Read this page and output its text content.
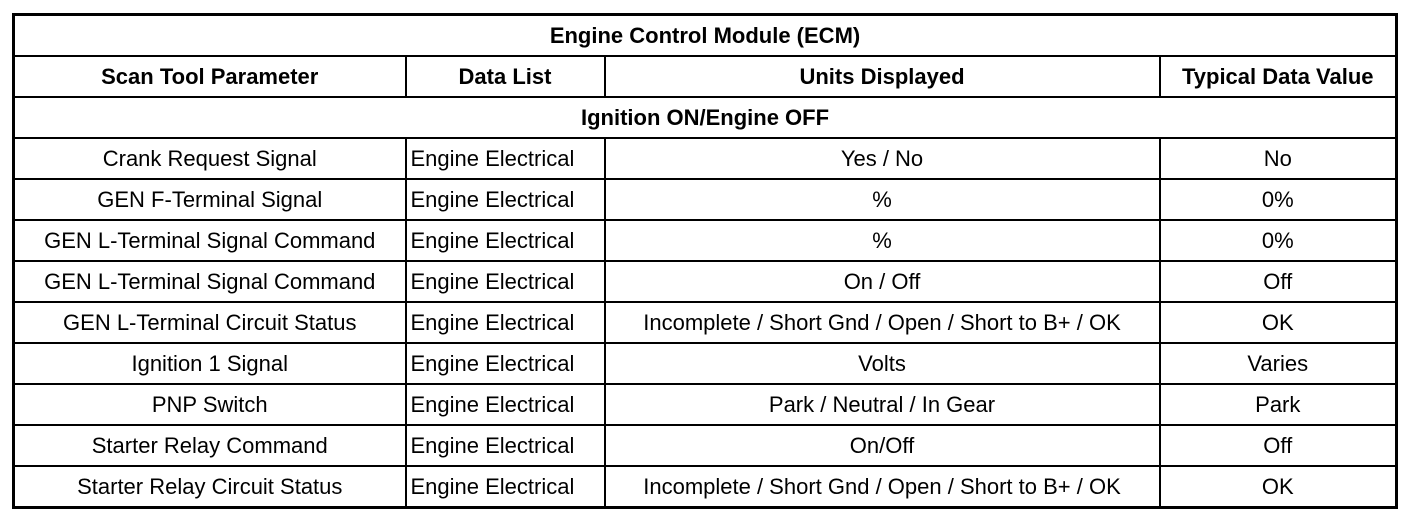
Engine Control Module (ECM)			
Scan Tool Parameter	Data List	Units Displayed	Typical Data Value
Ignition ON/Engine OFF			
Crank Request Signal	Engine Electrical	Yes / No	No
GEN F-Terminal Signal	Engine Electrical	%	0%
GEN L-Terminal Signal Command	Engine Electrical	%	0%
GEN L-Terminal Signal Command	Engine Electrical	On / Off	Off
GEN L-Terminal Circuit Status	Engine Electrical	Incomplete / Short Gnd / Open / Short to B+ / OK	OK
Ignition 1 Signal	Engine Electrical	Volts	Varies
PNP Switch	Engine Electrical	Park / Neutral / In Gear	Park
Starter Relay Command	Engine Electrical	On/Off	Off
Starter Relay Circuit Status	Engine Electrical	Incomplete / Short Gnd / Open / Short to B+ / OK	OK
